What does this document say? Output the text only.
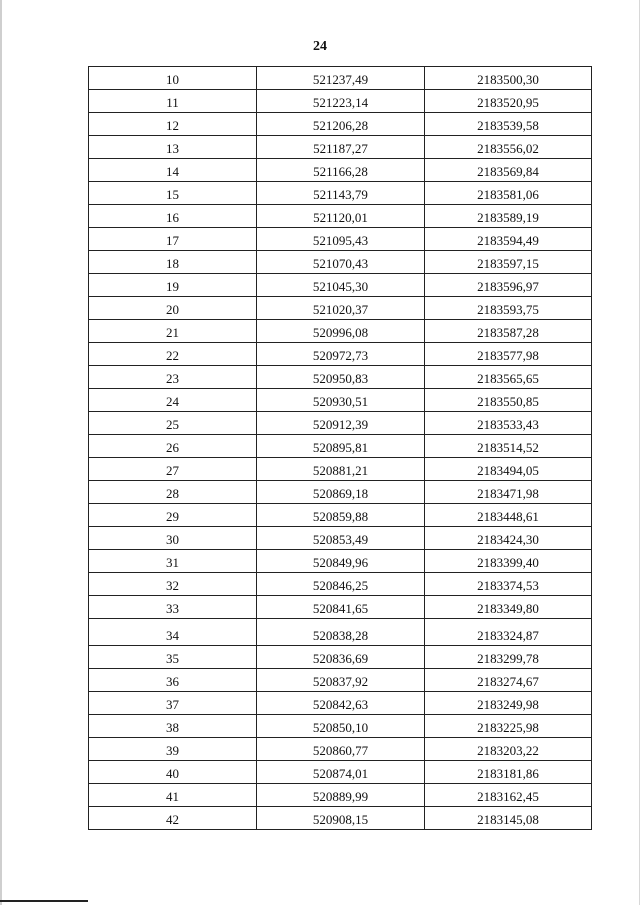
24
10	521237,49	2183500,30
11	521223,14	2183520,95
12	521206,28	2183539,58
13	521187,27	2183556,02
14	521166,28	2183569,84
15	521143,79	2183581,06
16	521120,01	2183589,19
17	521095,43	2183594,49
18	521070,43	2183597,15
19	521045,30	2183596,97
20	521020,37	2183593,75
21	520996,08	2183587,28
22	520972,73	2183577,98
23	520950,83	2183565,65
24	520930,51	2183550,85
25	520912,39	2183533,43
26	520895,81	2183514,52
27	520881,21	2183494,05
28	520869,18	2183471,98
29	520859,88	2183448,61
30	520853,49	2183424,30
31	520849,96	2183399,40
32	520846,25	2183374,53
33	520841,65	2183349,80
34	520838,28	2183324,87
35	520836,69	2183299,78
36	520837,92	2183274,67
37	520842,63	2183249,98
38	520850,10	2183225,98
39	520860,77	2183203,22
40	520874,01	2183181,86
41	520889,99	2183162,45
42	520908,15	2183145,08
